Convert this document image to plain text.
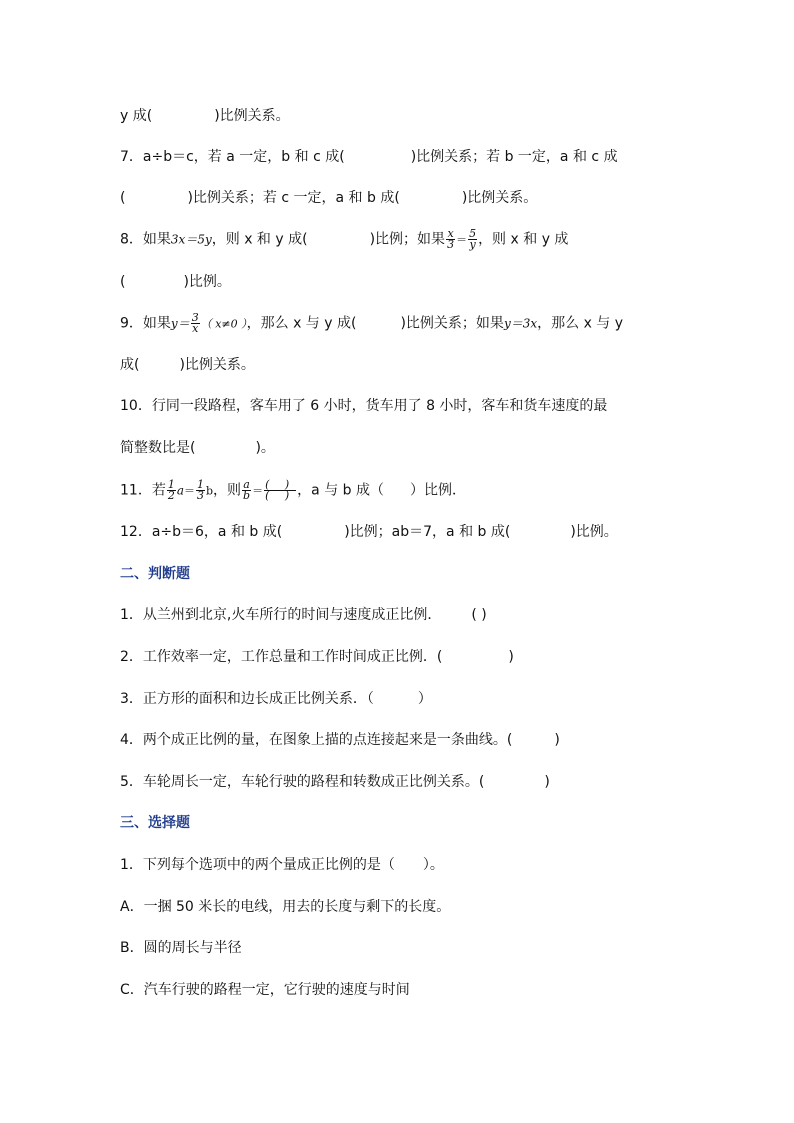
y 成(	)比例关系。
7．a÷b＝c，若 a 一定，b 和 c 成(	)比例关系；若 b 一定，a 和 c 成
(	)比例关系；若 c 一定，a 和 b 成(	)比例关系。
8．如果3x＝5y，则 x 和 y 成(	)比例；如果 $\frac{x}{3} = \frac{5}{y}$ ，则 x 和 y 成
(	)比例。
9．如果$y= \frac{3}{x}$ （ x≠0 ），那么 x 与 y 成(	)比例关系；如果y＝3x，那么 x 与 y
成(	)比例关系。
10．行同一段路程，客车用了 6 小时，货车用了 8 小时，客车和货车速度的最
简整数比是(	)。
11．若 $\frac{1}{2} a= \frac{1}{3}$ b，则 $\frac{a}{b} = \frac{( )}{( )}$ ，a 与 b 成（ ）比例．
12．a÷b＝6，a 和 b 成(	)比例；ab＝7，a 和 b 成(	)比例。
二、判断题
1．从兰州到北京,火车所行的时间与速度成正比例． ( )
2．工作效率一定，工作总量和工作时间成正比例．(	)
3．正方形的面积和边长成正比例关系．（	）
4．两个成正比例的量，在图象上描的点连接起来是一条曲线。(	)
5．车轮周长一定，车轮行驶的路程和转数成正比例关系。(	)
三、选择题
1．下列每个选项中的两个量成正比例的是（ ）。
A．一捆 50 米长的电线，用去的长度与剩下的长度。
B．圆的周长与半径
C．汽车行驶的路程一定，它行驶的速度与时间
